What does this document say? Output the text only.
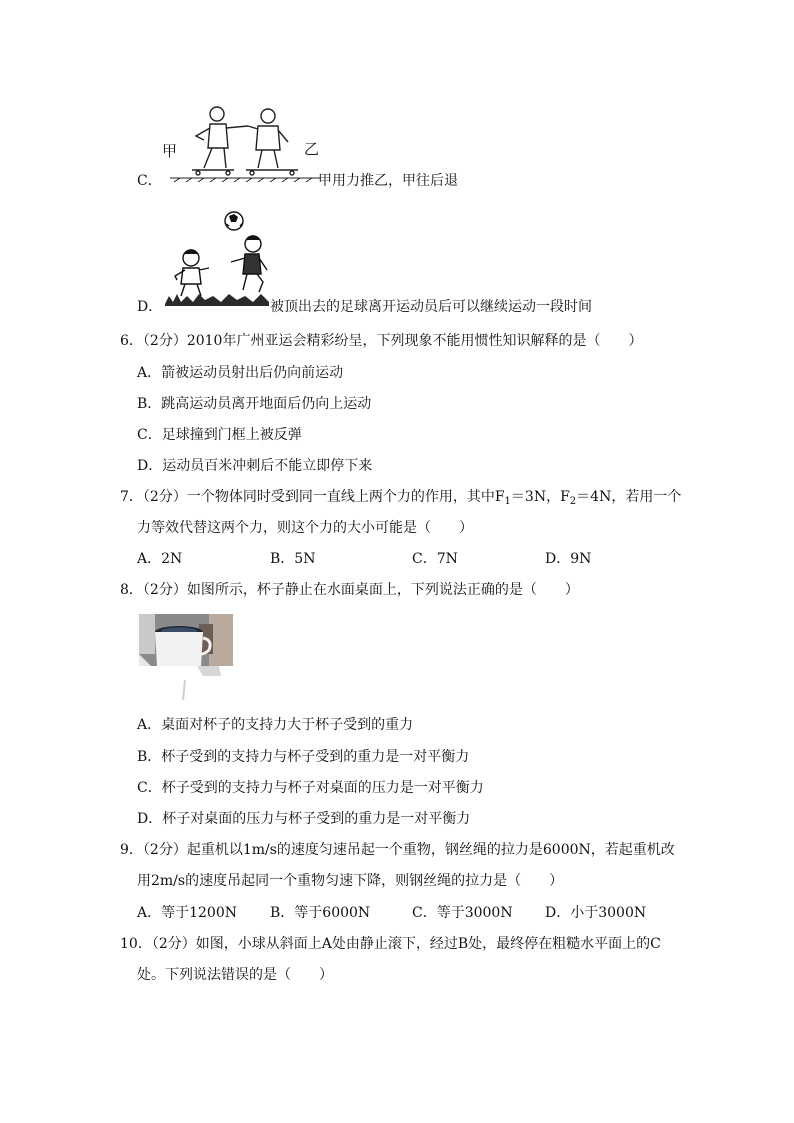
甲	乙
C．	甲用力推乙，甲往后退
D．	被顶出去的足球离开运动员后可以继续运动一段时间
6．（2分）2010年广州亚运会精彩纷呈，下列现象不能用惯性知识解释的是（　　）
A．箭被运动员射出后仍向前运动
B．跳高运动员离开地面后仍向上运动
C．足球撞到门框上被反弹
D．运动员百米冲刺后不能立即停下来
7．（2分）一个物体同时受到同一直线上两个力的作用，其中$F_1=3N$，$F_2=4N$，若用一个
力等效代替这两个力，则这个力的大小可能是（　　）
A．2N	B．5N	C．7N	D．9N
8．（2分）如图所示，杯子静止在水面桌面上，下列说法正确的是（　　）
A．桌面对杯子的支持力大于杯子受到的重力
B．杯子受到的支持力与杯子受到的重力是一对平衡力
C．杯子受到的支持力与杯子对桌面的压力是一对平衡力
D．杯子对桌面的压力与杯子受到的重力是一对平衡力
9．（2分）起重机以1m/s的速度匀速吊起一个重物，钢丝绳的拉力是6000N，若起重机改
用2m/s的速度吊起同一个重物匀速下降，则钢丝绳的拉力是（　　）
A．等于1200N B．等于6000N	C．等于3000N D．小于3000N
10．（2分）如图，小球从斜面上A处由静止滚下，经过B处，最终停在粗糙水平面上的C
处。下列说法错误的是（　　）
